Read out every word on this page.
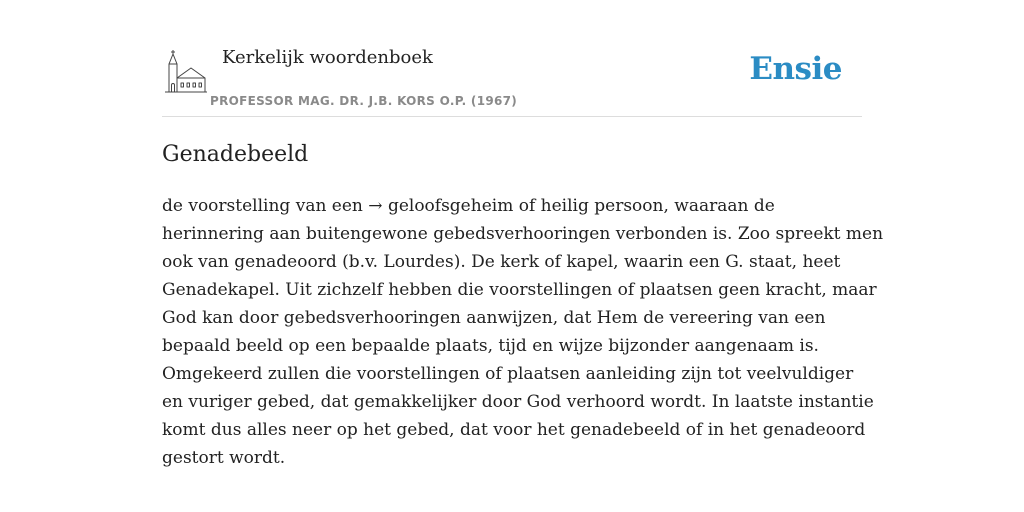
Kerkelijk woordenboek
PROFESSOR MAG. DR. J.B. KORS O.P. (1967)
Ensie
Genadebeeld
de voorstelling van een → geloofsgeheim of heilig persoon, waaraan de
herinnering aan buitengewone gebedsverhooringen verbonden is. Zoo spreekt men
ook van genadeoord (b.v. Lourdes). De kerk of kapel, waarin een G. staat, heet
Genadekapel. Uit zichzelf hebben die voorstellingen of plaatsen geen kracht, maar
God kan door gebedsverhooringen aanwijzen, dat Hem de vereering van een
bepaald beeld op een bepaalde plaats, tijd en wijze bijzonder aangenaam is.
Omgekeerd zullen die voorstellingen of plaatsen aanleiding zijn tot veelvuldiger
en vuriger gebed, dat gemakkelijker door God verhoord wordt. In laatste instantie
komt dus alles neer op het gebed, dat voor het genadebeeld of in het genadeoord
gestort wordt.
